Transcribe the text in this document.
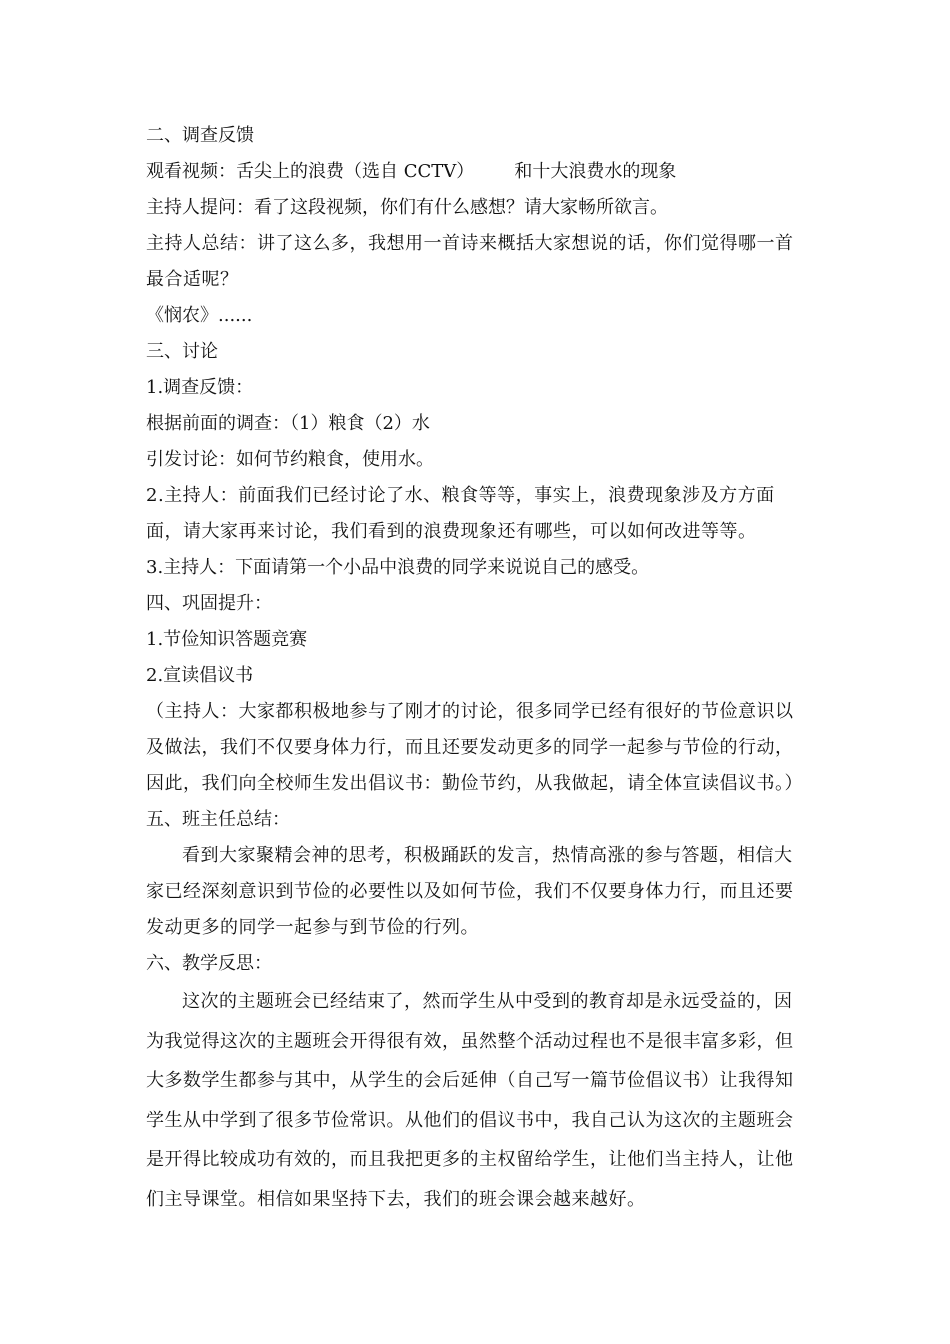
二、调查反馈

观看视频：舌尖上的浪费（选自 CCTV）       和十大浪费水的现象

主持人提问：看了这段视频，你们有什么感想？请大家畅所欲言。

主持人总结：讲了这么多，我想用一首诗来概括大家想说的话，你们觉得哪一首最合适呢？

《悯农》......

三、讨论

1.调查反馈：

根据前面的调查：（1）粮食（2）水

引发讨论：如何节约粮食，使用水。

2.主持人：前面我们已经讨论了水、粮食等等，事实上，浪费现象涉及方方面面，请大家再来讨论，我们看到的浪费现象还有哪些，可以如何改进等等。

3.主持人：下面请第一个小品中浪费的同学来说说自己的感受。

四、巩固提升：

1.节俭知识答题竞赛

2.宣读倡议书

（主持人：大家都积极地参与了刚才的讨论，很多同学已经有很好的节俭意识以及做法，我们不仅要身体力行，而且还要发动更多的同学一起参与节俭的行动，因此，我们向全校师生发出倡议书：勤俭节约，从我做起，请全体宣读倡议书。）

五、班主任总结：

看到大家聚精会神的思考，积极踊跃的发言，热情高涨的参与答题，相信大家已经深刻意识到节俭的必要性以及如何节俭，我们不仅要身体力行，而且还要发动更多的同学一起参与到节俭的行列。

六、教学反思：

这次的主题班会已经结束了，然而学生从中受到的教育却是永远受益的，因为我觉得这次的主题班会开得很有效，虽然整个活动过程也不是很丰富多彩，但大多数学生都参与其中，从学生的会后延伸（自己写一篇节俭倡议书）让我得知学生从中学到了很多节俭常识。从他们的倡议书中，我自己认为这次的主题班会是开得比较成功有效的，而且我把更多的主权留给学生，让他们当主持人，让他们主导课堂。相信如果坚持下去，我们的班会课会越来越好。
